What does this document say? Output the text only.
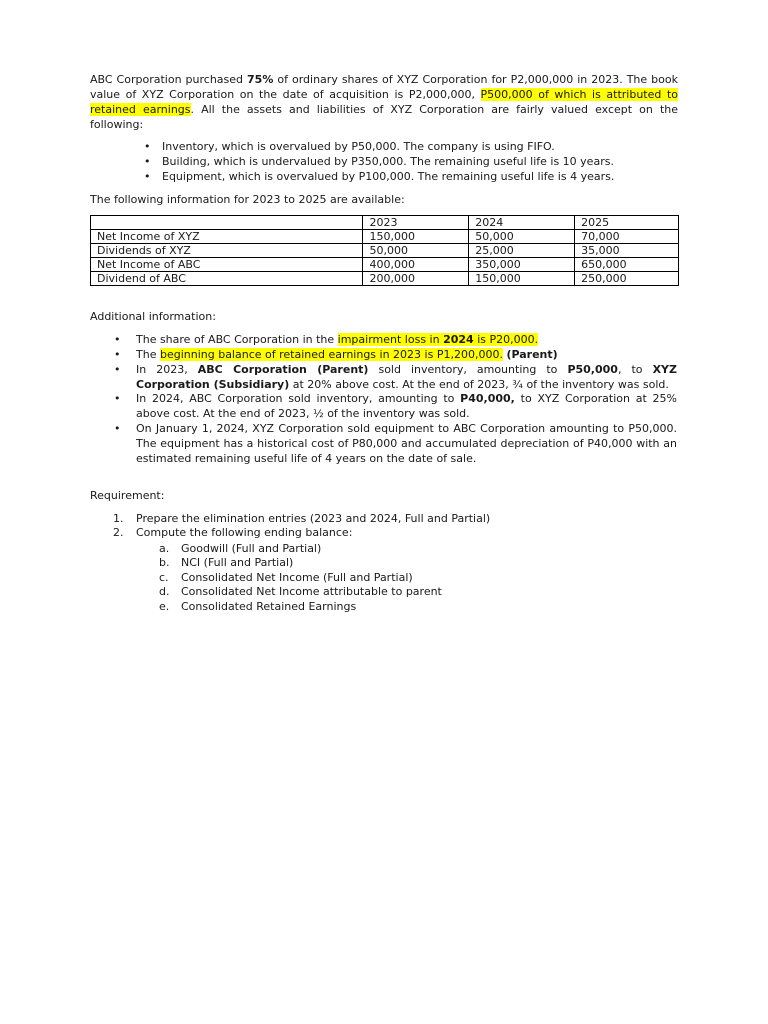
ABC Corporation purchased 75% of ordinary shares of XYZ Corporation for P2,000,000 in 2023. The book value of XYZ Corporation on the date of acquisition is P2,000,000, P500,000 of which is attributed to retained earnings. All the assets and liabilities of XYZ Corporation are fairly valued except on the following:
• Inventory, which is overvalued by P50,000. The company is using FIFO.
• Building, which is undervalued by P350,000. The remaining useful life is 10 years.
• Equipment, which is overvalued by P100,000. The remaining useful life is 4 years.
The following information for 2023 to 2025 are available:
	2023	2024	2025
Net Income of XYZ	150,000	50,000	70,000
Dividends of XYZ	50,000	25,000	35,000
Net Income of ABC	400,000	350,000	650,000
Dividend of ABC	200,000	150,000	250,000
Additional information:
• The share of ABC Corporation in the impairment loss in 2024 is P20,000.
• The beginning balance of retained earnings in 2023 is P1,200,000. (Parent)
• In 2023, ABC Corporation (Parent) sold inventory, amounting to P50,000, to XYZ Corporation (Subsidiary) at 20% above cost. At the end of 2023, ¾ of the inventory was sold.
• In 2024, ABC Corporation sold inventory, amounting to P40,000, to XYZ Corporation at 25% above cost. At the end of 2023, ½ of the inventory was sold.
• On January 1, 2024, XYZ Corporation sold equipment to ABC Corporation amounting to P50,000. The equipment has a historical cost of P80,000 and accumulated depreciation of P40,000 with an estimated remaining useful life of 4 years on the date of sale.
Requirement:
1. Prepare the elimination entries (2023 and 2024, Full and Partial)
2. Compute the following ending balance:
a. Goodwill (Full and Partial)
b. NCI (Full and Partial)
c. Consolidated Net Income (Full and Partial)
d. Consolidated Net Income attributable to parent
e. Consolidated Retained Earnings
